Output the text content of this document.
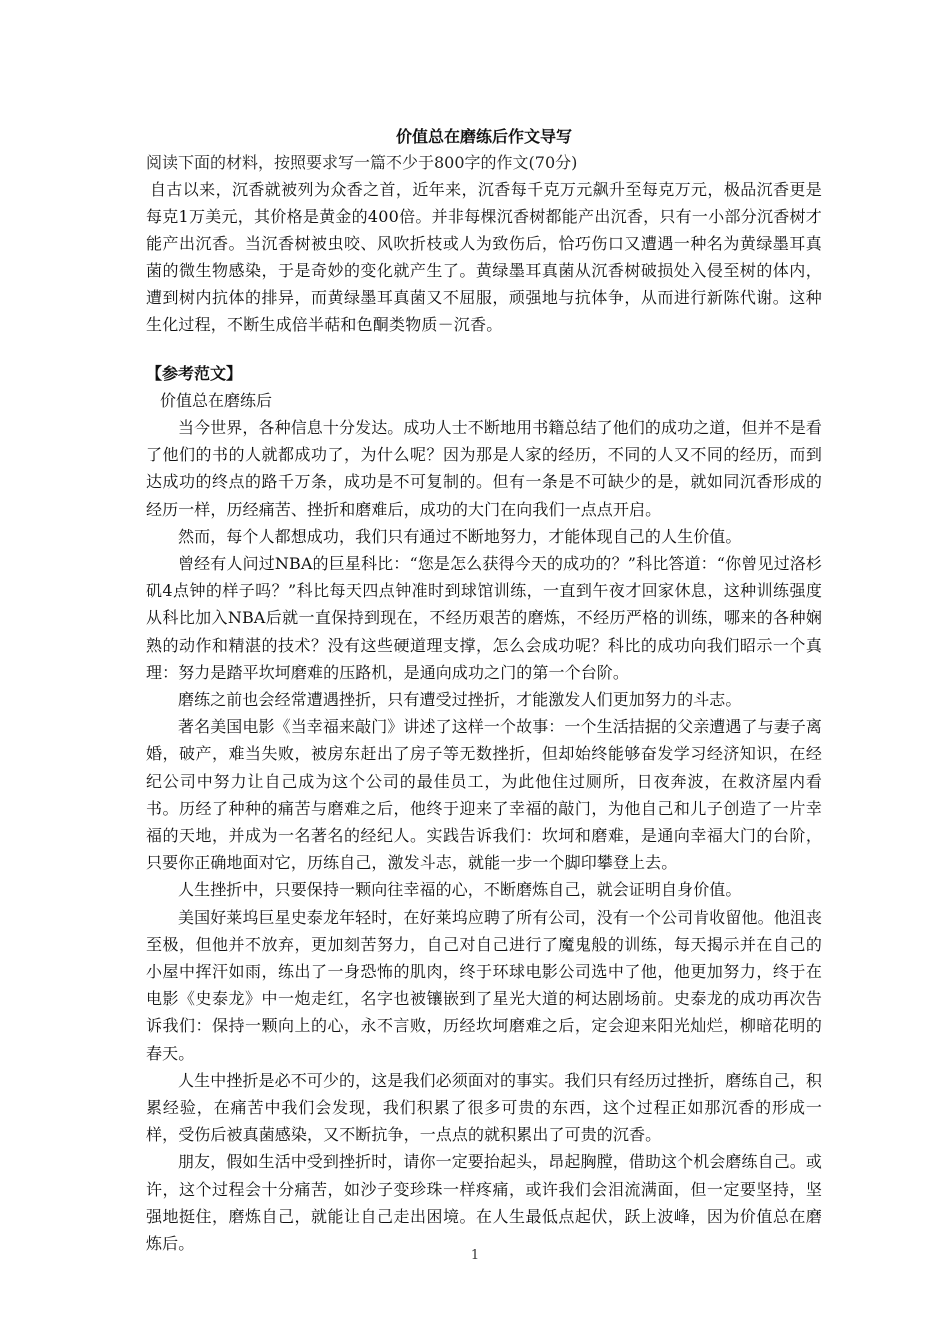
价值总在磨练后作文导写

阅读下面的材料，按照要求写一篇不少于800字的作文(70分)

自古以来，沉香就被列为众香之首，近年来，沉香每千克万元飙升至每克万元，极品沉香更是每克1万美元，其价格是黄金的400倍。并非每棵沉香树都能产出沉香，只有一小部分沉香树才能产出沉香。当沉香树被虫咬、风吹折枝或人为致伤后，恰巧伤口又遭遇一种名为黄绿墨耳真菌的微生物感染，于是奇妙的变化就产生了。黄绿墨耳真菌从沉香树破损处入侵至树的体内，遭到树内抗体的排异，而黄绿墨耳真菌又不屈服，顽强地与抗体争，从而进行新陈代谢。这种生化过程，不断生成倍半萜和色酮类物质－沉香。

【参考范文】

价值总在磨练后

当今世界，各种信息十分发达。成功人士不断地用书籍总结了他们的成功之道，但并不是看了他们的书的人就都成功了，为什么呢？因为那是人家的经历，不同的人又不同的经历，而到达成功的终点的路千万条，成功是不可复制的。但有一条是不可缺少的是，就如同沉香形成的经历一样，历经痛苦、挫折和磨难后，成功的大门在向我们一点点开启。

然而，每个人都想成功，我们只有通过不断地努力，才能体现自己的人生价值。

曾经有人问过NBA的巨星科比：“您是怎么获得今天的成功的？”科比答道：“你曾见过洛杉矶4点钟的样子吗？”科比每天四点钟准时到球馆训练，一直到午夜才回家休息，这种训练强度从科比加入NBA后就一直保持到现在，不经历艰苦的磨炼，不经历严格的训练，哪来的各种娴熟的动作和精湛的技术？没有这些硬道理支撑，怎么会成功呢？科比的成功向我们昭示一个真理：努力是踏平坎坷磨难的压路机，是通向成功之门的第一个台阶。

磨练之前也会经常遭遇挫折，只有遭受过挫折，才能激发人们更加努力的斗志。

著名美国电影《当幸福来敲门》讲述了这样一个故事：一个生活拮据的父亲遭遇了与妻子离婚，破产，难当失败，被房东赶出了房子等无数挫折，但却始终能够奋发学习经济知识，在经纪公司中努力让自己成为这个公司的最佳员工，为此他住过厕所，日夜奔波，在救济屋内看书。历经了种种的痛苦与磨难之后，他终于迎来了幸福的敲门，为他自己和儿子创造了一片幸福的天地，并成为一名著名的经纪人。实践告诉我们：坎坷和磨难，是通向幸福大门的台阶，只要你正确地面对它，历练自己，激发斗志，就能一步一个脚印攀登上去。

人生挫折中，只要保持一颗向往幸福的心，不断磨炼自己，就会证明自身价值。

美国好莱坞巨星史泰龙年轻时，在好莱坞应聘了所有公司，没有一个公司肯收留他。他沮丧至极，但他并不放弃，更加刻苦努力，自己对自己进行了魔鬼般的训练，每天揭示并在自己的小屋中挥汗如雨，练出了一身恐怖的肌肉，终于环球电影公司选中了他，他更加努力，终于在电影《史泰龙》中一炮走红，名字也被镶嵌到了星光大道的柯达剧场前。史泰龙的成功再次告诉我们：保持一颗向上的心，永不言败，历经坎坷磨难之后，定会迎来阳光灿烂，柳暗花明的春天。

人生中挫折是必不可少的，这是我们必须面对的事实。我们只有经历过挫折，磨练自己，积累经验，在痛苦中我们会发现，我们积累了很多可贵的东西，这个过程正如那沉香的形成一样，受伤后被真菌感染，又不断抗争，一点点的就积累出了可贵的沉香。

朋友，假如生活中受到挫折时，请你一定要抬起头，昂起胸膛，借助这个机会磨练自己。或许，这个过程会十分痛苦，如沙子变珍珠一样疼痛，或许我们会泪流满面，但一定要坚持，坚强地挺住，磨炼自己，就能让自己走出困境。在人生最低点起伏，跃上波峰，因为价值总在磨炼后。

1
